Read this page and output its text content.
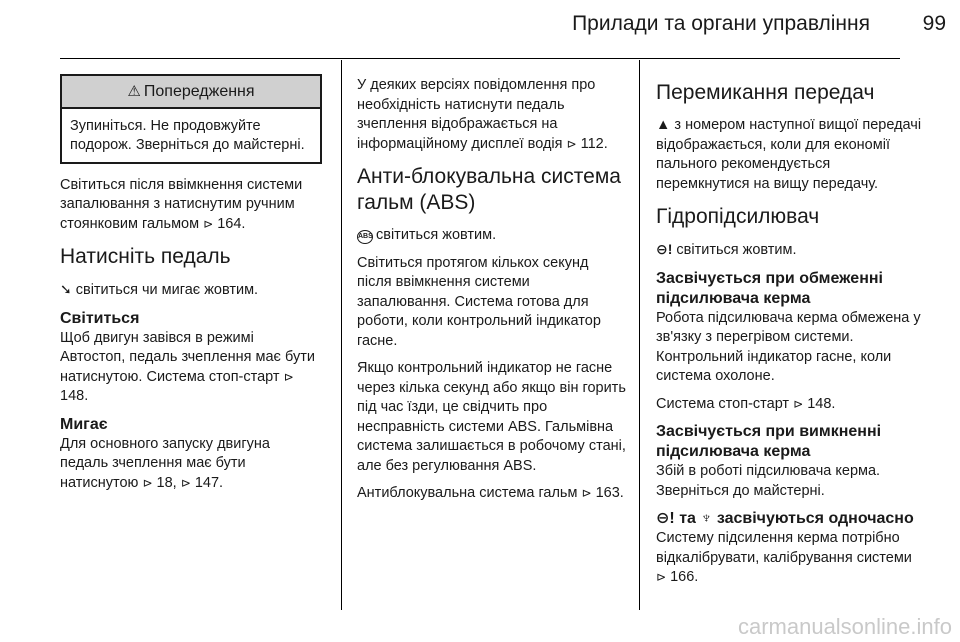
Прилади та органи управління	99
⚠ Попередження
Зупиніться. Не продовжуйте подорож. Зверніться до майстерні.

Світиться після ввімкнення системи запалювання з натиснутим ручним стоянковим гальмом ⊳ 164.

Натисніть педаль

➘ світиться чи мигає жовтим.

Світиться

Щоб двигун завівся в режимі Автостоп, педаль зчеплення має бути натиснутою. Система стоп-старт ⊳ 148.

Мигає

Для основного запуску двигуна педаль зчеплення має бути натиснутою ⊳ 18, ⊳ 147.

У деяких версіях повідомлення про необхідність натиснути педаль зчеплення відображається на інформаційному дисплеї водія ⊳ 112.

Анти-блокувальна система гальм (ABS)

ABS світиться жовтим.

Світиться протягом кількох секунд після ввімкнення системи запалювання. Система готова для роботи, коли контрольний індикатор гасне.

Якщо контрольний індикатор не гасне через кілька секунд або якщо він горить під час їзди, це свідчить про несправність системи ABS. Гальмівна система залишається в робочому стані, але без регулювання ABS.

Антиблокувальна система гальм ⊳ 163.

Перемикання передач

▲ з номером наступної вищої передачі відображається, коли для економії пального рекомендується перемкнутися на вищу передачу.

Гідропідсилювач

⊖! світиться жовтим.

Засвічується при обмеженні підсилювача керма

Робота підсилювача керма обмежена у зв'язку з перегрівом системи. Контрольний індикатор гасне, коли система охолоне.

Система стоп-старт ⊳ 148.

Засвічується при вимкненні підсилювача керма

Збій в роботі підсилювача керма. Зверніться до майстерні.

⊖! та ♆ засвічуються одночасно

Систему підсилення керма потрібно відкалібрувати, калібрування системи ⊳ 166.

carmanualsonline.info
